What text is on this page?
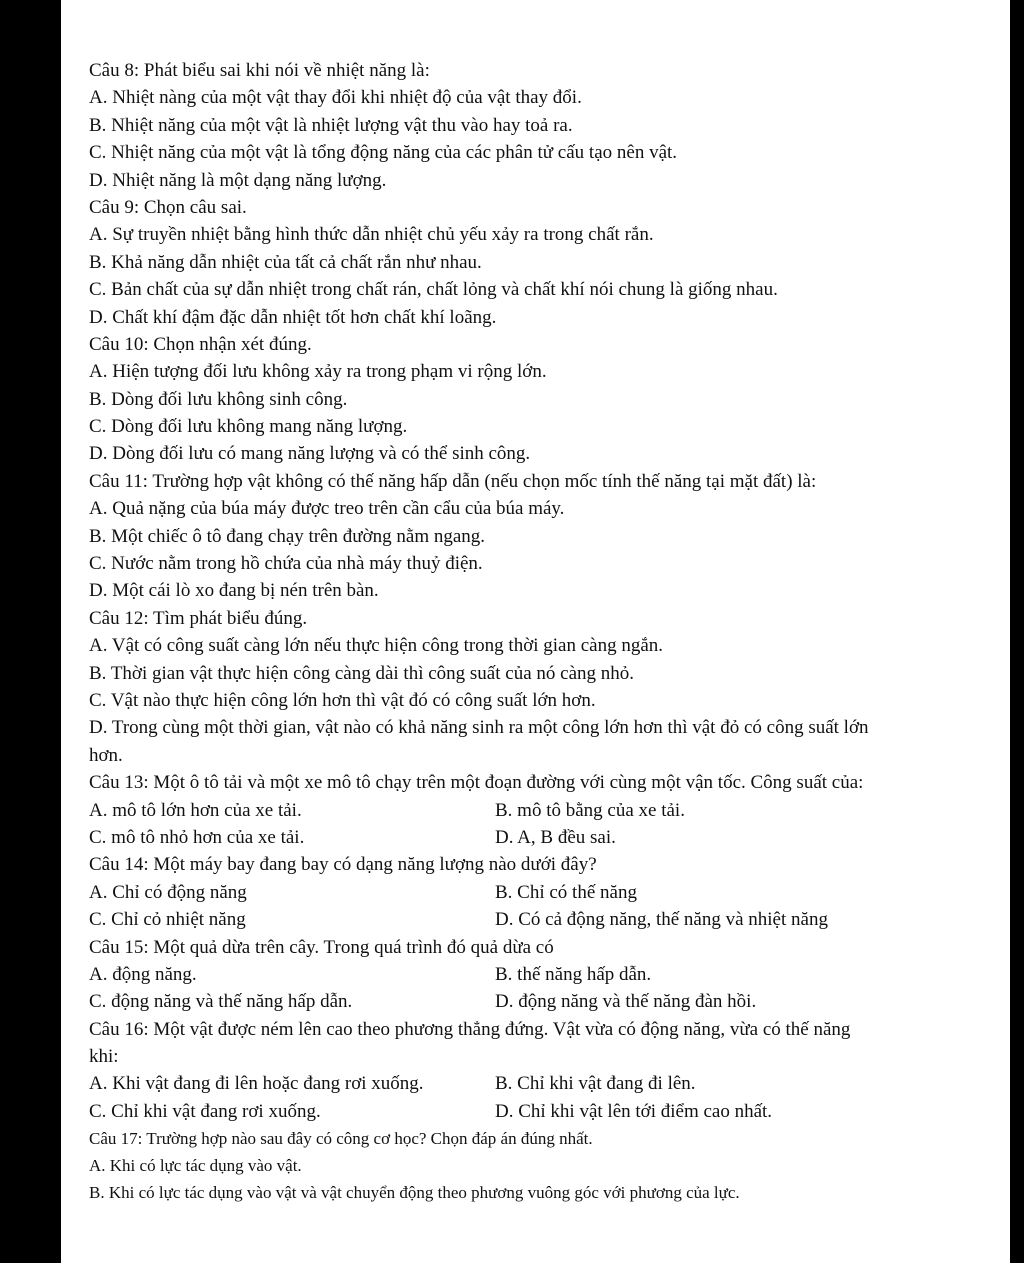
Câu 8: Phát biểu sai khi nói về nhiệt năng là:
A. Nhiệt nàng của một vật thay đổi khi nhiệt độ của vật thay đổi.
B. Nhiệt năng của một vật là nhiệt lượng vật thu vào hay toả ra.
C. Nhiệt năng của một vật là tổng động năng của các phân tử cấu tạo nên vật.
D. Nhiệt năng là một dạng năng lượng.
Câu 9: Chọn câu sai.
A. Sự truyền nhiệt bằng hình thức dẫn nhiệt chủ yếu xảy ra trong chất rắn.
B. Khả năng dẫn nhiệt của tất cả chất rắn như nhau.
C. Bản chất của sự dẫn nhiệt trong chất rán, chất lỏng và chất khí nói chung là giống nhau.
D. Chất khí đậm đặc dẫn nhiệt tốt hơn chất khí loãng.
Câu 10: Chọn nhận xét đúng.
A. Hiện tượng đối lưu không xảy ra trong phạm vi rộng lớn.
B. Dòng đối lưu không sinh công.
C. Dòng đối lưu không mang năng lượng.
D. Dòng đối lưu có mang năng lượng và có thể sinh công.
Câu 11: Trường hợp vật không có thế năng hấp dẫn (nếu chọn mốc tính thế năng tại mặt đất) là:
A. Quả nặng của búa máy được treo trên cần cẩu của búa máy.
B. Một chiếc ô tô đang chạy trên đường nằm ngang.
C. Nước nằm trong hồ chứa của nhà máy thuỷ điện.
D. Một cái lò xo đang bị nén trên bàn.
Câu 12: Tìm phát biểu đúng.
A. Vật có công suất càng lớn nếu thực hiện công trong thời gian càng ngắn.
B. Thời gian vật thực hiện công càng dài thì công suất của nó càng nhỏ.
C. Vật nào thực hiện công lớn hơn thì vật đó có công suất lớn hơn.
D. Trong cùng một thời gian, vật nào có khả năng sinh ra một công lớn hơn thì vật đỏ có công suất lớn
hơn.
Câu 13: Một ô tô tải và một xe mô tô chạy trên một đoạn đường với cùng một vận tốc. Công suất của:
A. mô tô lớn hơn của xe tải.	B. mô tô bằng của xe tải.
C. mô tô nhỏ hơn của xe tải.	D. A, B đều sai.
Câu 14: Một máy bay đang bay có dạng năng lượng nào dưới đây?
A. Chỉ có động năng	B. Chỉ có thế năng
C. Chỉ cỏ nhiệt năng	D. Có cả động năng, thế năng và nhiệt năng
Câu 15: Một quả dừa trên cây. Trong quá trình đó quả dừa có
A. động năng.	B. thế năng hấp dẫn.
C. động năng và thế năng hấp dẫn.	D. động năng và thế năng đàn hồi.
Câu 16: Một vật được ném lên cao theo phương thẳng đứng. Vật vừa có động năng, vừa có thế năng
khi:
A. Khi vật đang đi lên hoặc đang rơi xuống.	B. Chỉ khi vật đang đi lên.
C. Chỉ khi vật đang rơi xuống.	D. Chỉ khi vật lên tới điểm cao nhất.
Câu 17: Trường hợp nào sau đây có công cơ học? Chọn đáp án đúng nhất.
A. Khi có lực tác dụng vào vật.
B. Khi có lực tác dụng vào vật và vật chuyển động theo phương vuông góc với phương của lực.
